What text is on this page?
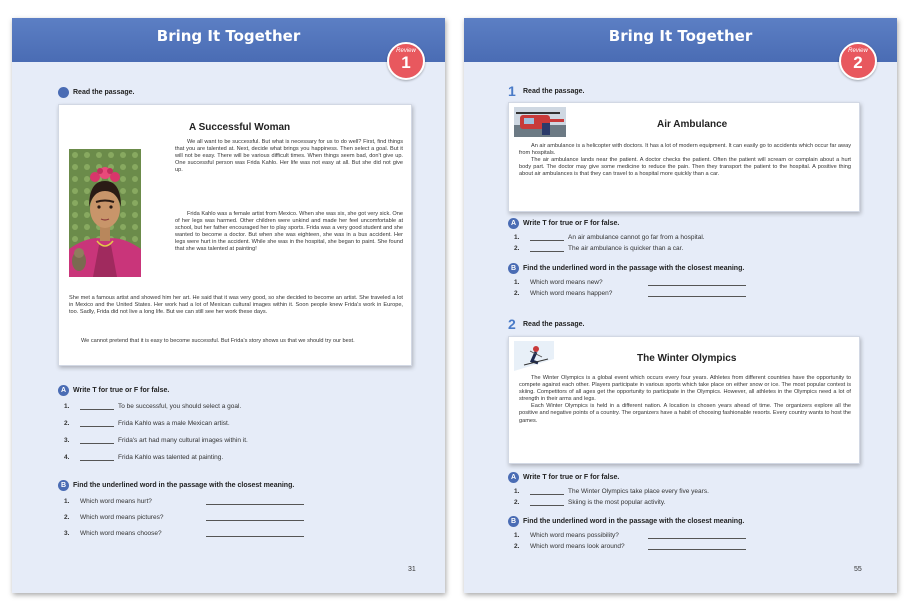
Bring It Together
Review
1
Read the passage.
A Successful Woman

We all want to be successful. But what is necessary for us to do well? First, find things that you are talented at. Next, decide what brings you happiness. Then select a goal. But it will not be easy. There will be various difficult times. When things seem bad, don't give up. One successful person was Frida Kahlo. Her life was not easy at all. But she did not give up.

Frida Kahlo was a female artist from Mexico. When she was six, she got very sick. One of her legs was harmed. Other children were unkind and made her feel uncomfortable at school, but her father encouraged her to play sports. Frida was a very good student and she wanted to become a doctor. But when she was eighteen, she was in a bus accident. Her legs were hurt in the accident. While she was in the hospital, she began to paint. She found that she was talented at painting!

She met a famous artist and showed him her art. He said that it was very good, so she decided to become an artist. She traveled a lot in Mexico and the United States. Her work had a lot of Mexican cultural images within it. Soon people knew Frida's work in Europe, too. Sadly, Frida did not live a long life. But we can still see her work these days.

We cannot pretend that it is easy to become successful. But Frida's story shows us that we should try our best.

A Write T for true or F for false.
1.	To be successful, you should select a goal.
2.	Frida Kahlo was a male Mexican artist.
3.	Frida's art had many cultural images within it.
4.	Frida Kahlo was talented at painting.
B Find the underlined word in the passage with the closest meaning.
1. Which word means hurt?
2. Which word means pictures?
3. Which word means choose?
31
Bring It Together
Review
2
1 Read the passage.
Air Ambulance

An air ambulance is a helicopter with doctors. It has a lot of modern equipment. It can easily go to accidents which occur far away from hospitals.

The air ambulance lands near the patient. A doctor checks the patient. Often the patient will scream or complain about a hurt body part. The doctor may give some medicine to reduce the pain. Then they transport the patient to the hospital. A positive thing about air ambulances is that they can travel to a hospital more quickly than a car.

A Write T for true or F for false.
1.	An air ambulance cannot go far from a hospital.
2.	The air ambulance is quicker than a car.
B Find the underlined word in the passage with the closest meaning.
1. Which word means new?
2. Which word means happen?
2 Read the passage.
The Winter Olympics

The Winter Olympics is a global event which occurs every four years. Athletes from different countries have the opportunity to compete against each other. Players participate in various sports which take place on either snow or ice. The most popular contest is skiing. Competitors of all ages get the opportunity to participate in the Olympics. However, all athletes in the Olympics need a lot of strength in their arms and legs.

Each Winter Olympics is held in a different nation. A location is chosen years ahead of time. The organizers explore all the positive and negative points of a country. The organizers have a habit of choosing fashionable resorts. Every country wants to host the games.

A Write T for true or F for false.
1.	The Winter Olympics take place every five years.
2.	Skiing is the most popular activity.
B Find the underlined word in the passage with the closest meaning.
1. Which word means possibility?
2. Which word means look around?
55
